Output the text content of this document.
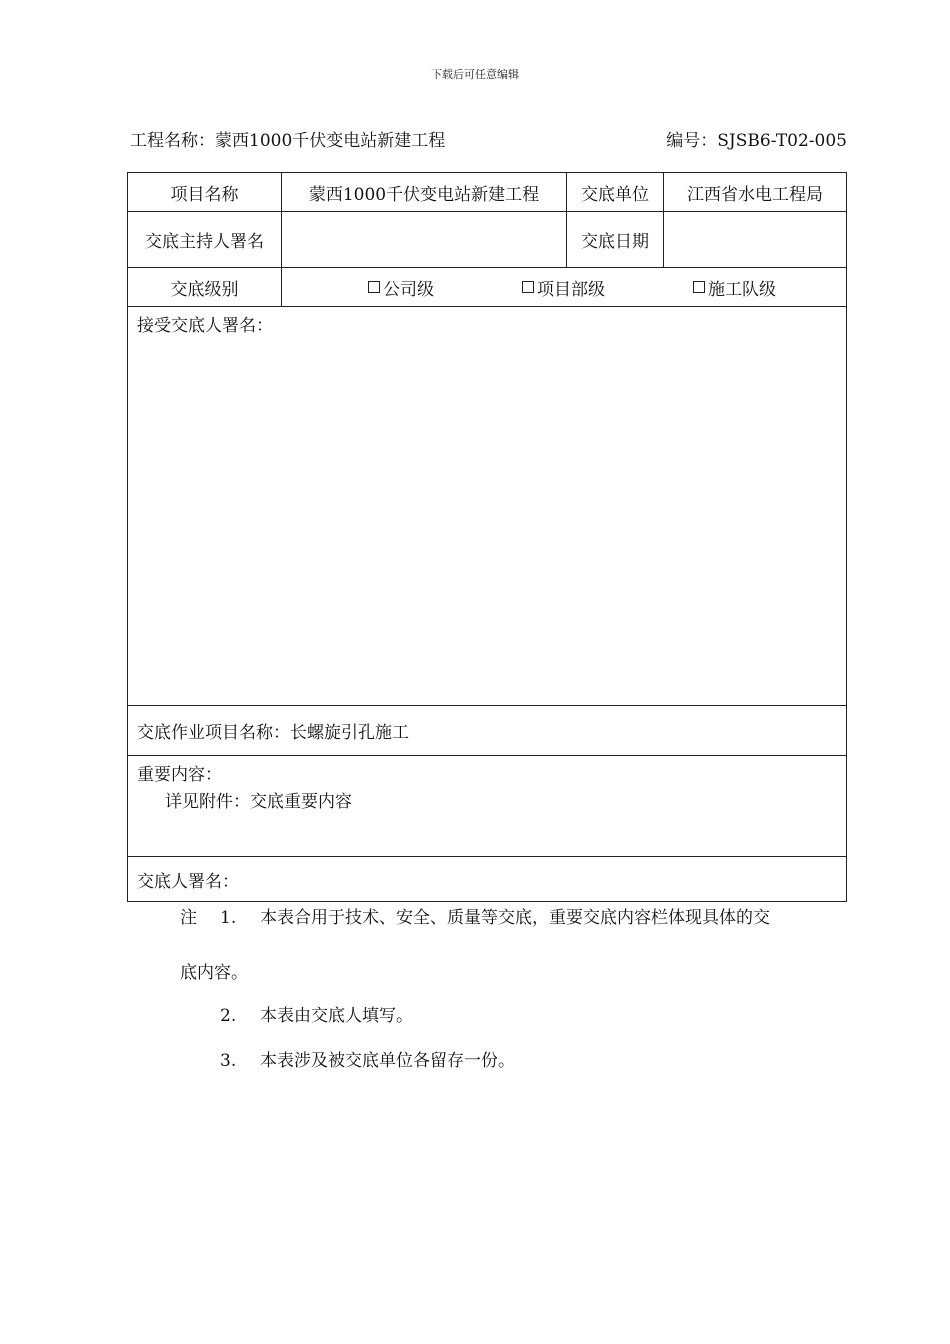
下载后可任意编辑
工程名称：蒙西1000千伏变电站新建工程	编号：SJSB6-T02-005
项目名称	蒙西1000千伏变电站新建工程	交底单位	江西省水电工程局
交底主持人署名		交底日期	
交底级别	公司级 项目部级 施工队级		

接受交底人署名：			
交底作业项目名称：长螺旋引孔施工			

重要内容：
详见附件：交底重要内容			

交底人署名：			
注 1. 本表合用于技术、安全、质量等交底，重要交底内容栏体现具体的交
底内容。
2. 本表由交底人填写。
3. 本表涉及被交底单位各留存一份。
